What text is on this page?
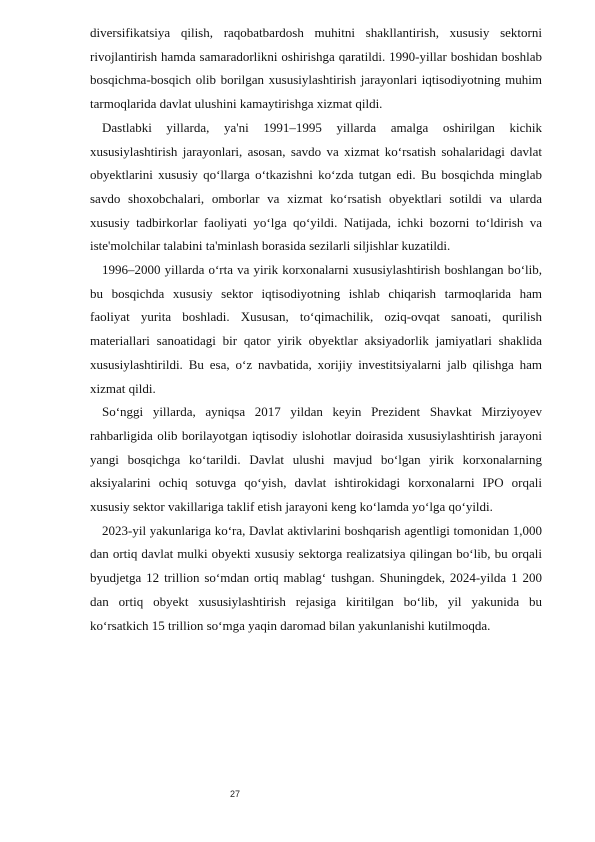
diversifikatsiya qilish, raqobatbardosh muhitni shakllantirish, xususiy sektorni rivojlantirish hamda samaradorlikni oshirishga qaratildi. 1990-yillar boshidan boshlab bosqichma-bosqich olib borilgan xususiylashtirish jarayonlari iqtisodiyotning muhim tarmoqlarida davlat ulushini kamaytirishga xizmat qildi.

Dastlabki yillarda, ya'ni 1991–1995 yillarda amalga oshirilgan kichik xususiylashtirish jarayonlari, asosan, savdo va xizmat ko‘rsatish sohalaridagi davlat obyektlarini xususiy qo‘llarga o‘tkazishni ko‘zda tutgan edi. Bu bosqichda minglab savdo shoxobchalari, omborlar va xizmat ko‘rsatish obyektlari sotildi va ularda xususiy tadbirkorlar faoliyati yo‘lga qo‘yildi. Natijada, ichki bozorni to‘ldirish va iste'molchilar talabini ta'minlash borasida sezilarli siljishlar kuzatildi.

1996–2000 yillarda o‘rta va yirik korxonalarni xususiylashtirish boshlangan bo‘lib, bu bosqichda xususiy sektor iqtisodiyotning ishlab chiqarish tarmoqlarida ham faoliyat yurita boshladi. Xususan, to‘qimachilik, oziq-ovqat sanoati, qurilish materiallari sanoatidagi bir qator yirik obyektlar aksiyadorlik jamiyatlari shaklida xususiylashtirildi. Bu esa, o‘z navbatida, xorijiy investitsiyalarni jalb qilishga ham xizmat qildi.

So‘nggi yillarda, ayniqsa 2017 yildan keyin Prezident Shavkat Mirziyoyev rahbarligida olib borilayotgan iqtisodiy islohotlar doirasida xususiylashtirish jarayoni yangi bosqichga ko‘tarildi. Davlat ulushi mavjud bo‘lgan yirik korxonalarning aksiyalarini ochiq sotuvga qo‘yish, davlat ishtirokidagi korxonalarni IPO orqali xususiy sektor vakillariga taklif etish jarayoni keng ko‘lamda yo‘lga qo‘yildi.

2023-yil yakunlariga ko‘ra, Davlat aktivlarini boshqarish agentligi tomonidan 1,000 dan ortiq davlat mulki obyekti xususiy sektorga realizatsiya qilingan bo‘lib, bu orqali byudjetga 12 trillion so‘mdan ortiq mablag‘ tushgan. Shuningdek, 2024-yilda 1 200 dan ortiq obyekt xususiylashtirish rejasiga kiritilgan bo‘lib, yil yakunida bu ko‘rsatkich 15 trillion so‘mga yaqin daromad bilan yakunlanishi kutilmoqda.

27
